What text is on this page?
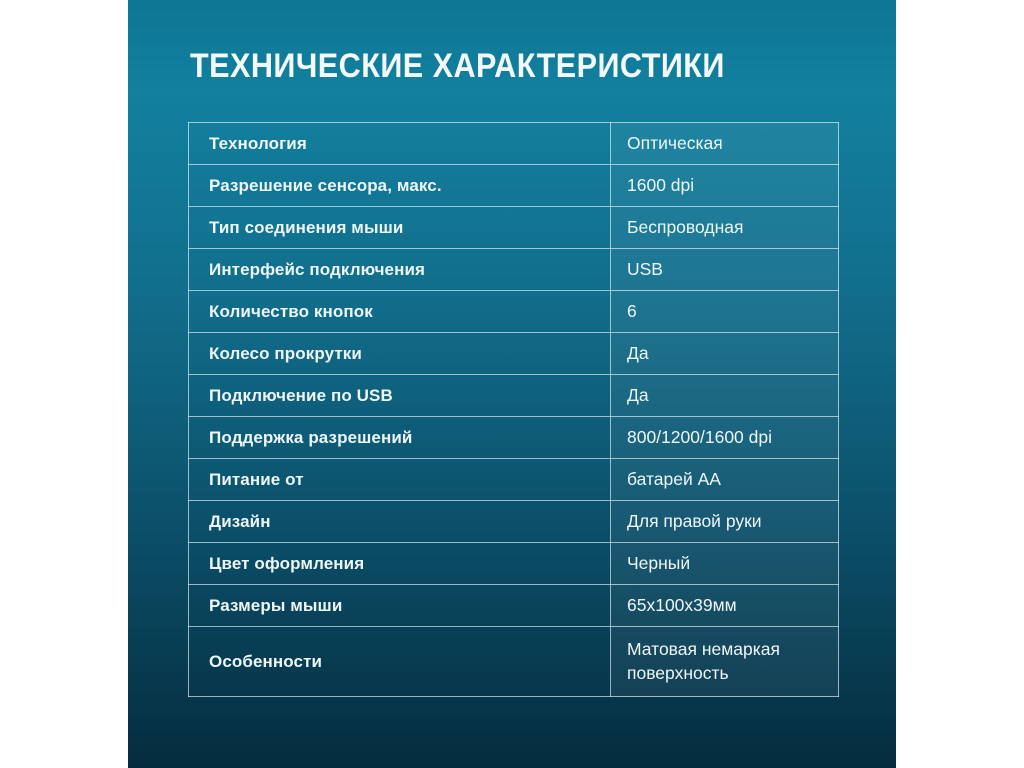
ТЕХНИЧЕСКИЕ ХАРАКТЕРИСТИКИ
Технология	Оптическая
Разрешение сенсора, макс.	1600 dpi
Тип соединения мыши	Беспроводная
Интерфейс подключения	USB
Количество кнопок	6
Колесо прокрутки	Да
Подключение по USB	Да
Поддержка разрешений	800/1200/1600 dpi
Питание от	батарей АА
Дизайн	Для правой руки
Цвет оформления	Черный
Размеры мыши	65x100x39мм
Особенности	Матовая немаркая поверхность
